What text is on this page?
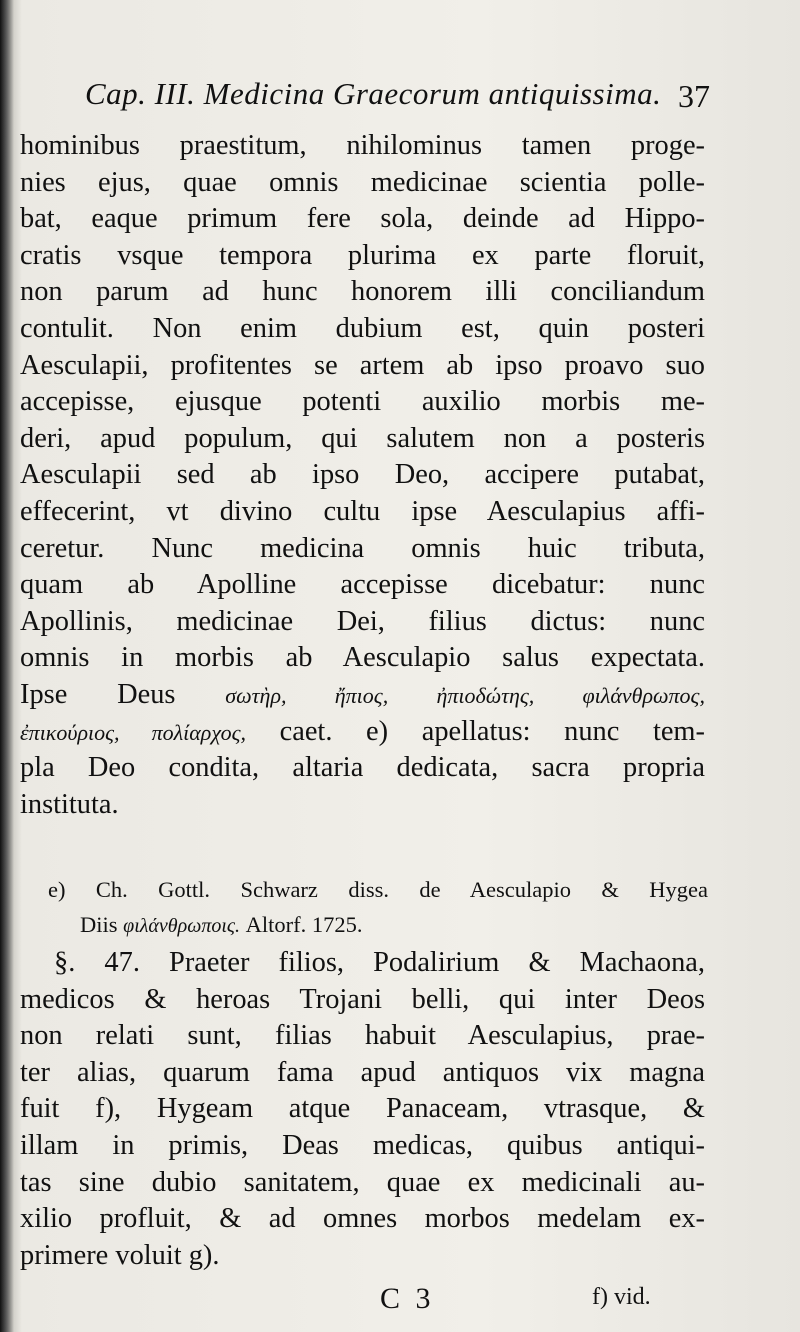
Cap. III. Medicina Graecorum antiquissima. 37
hominibus praestitum, nihilominus tamen proge-
nies ejus, quae omnis medicinae scientia polle-
bat, eaque primum fere sola, deinde ad Hippo-
cratis vsque tempora plurima ex parte floruit,
non parum ad hunc honorem illi conciliandum
contulit. Non enim dubium est, quin posteri
Aesculapii, profitentes se artem ab ipso proavo suo
accepisse, ejusque potenti auxilio morbis me-
deri, apud populum, qui salutem non a posteris
Aesculapii sed ab ipso Deo, accipere putabat,
effecerint, vt divino cultu ipse Aesculapius affi-
ceretur. Nunc medicina omnis huic tributa,
quam ab Apolline accepisse dicebatur: nunc
Apollinis, medicinae Dei, filius dictus: nunc
omnis in morbis ab Aesculapio salus expectata.
Ipse Deus σωτὴρ, ἤπιος, ἠπιοδώτης, φιλάνθρωπος,
ἐπικούριος, πολίαρχος, caet. e) apellatus: nunc tem-
pla Deo condita, altaria dedicata, sacra propria
instituta.
e) Ch. Gottl. Schwarz diss. de Aesculapio & Hygea
Diis φιλάνθρωποις. Altorf. 1725.
§. 47. Praeter filios, Podalirium & Machaona,
medicos & heroas Trojani belli, qui inter Deos
non relati sunt, filias habuit Aesculapius, prae-
ter alias, quarum fama apud antiquos vix magna
fuit f), Hygeam atque Panaceam, vtrasque, &
illam in primis, Deas medicas, quibus antiqui-
tas sine dubio sanitatem, quae ex medicinali au-
xilio profluit, & ad omnes morbos medelam ex-
primere voluit g).
C 3	f) vid.
